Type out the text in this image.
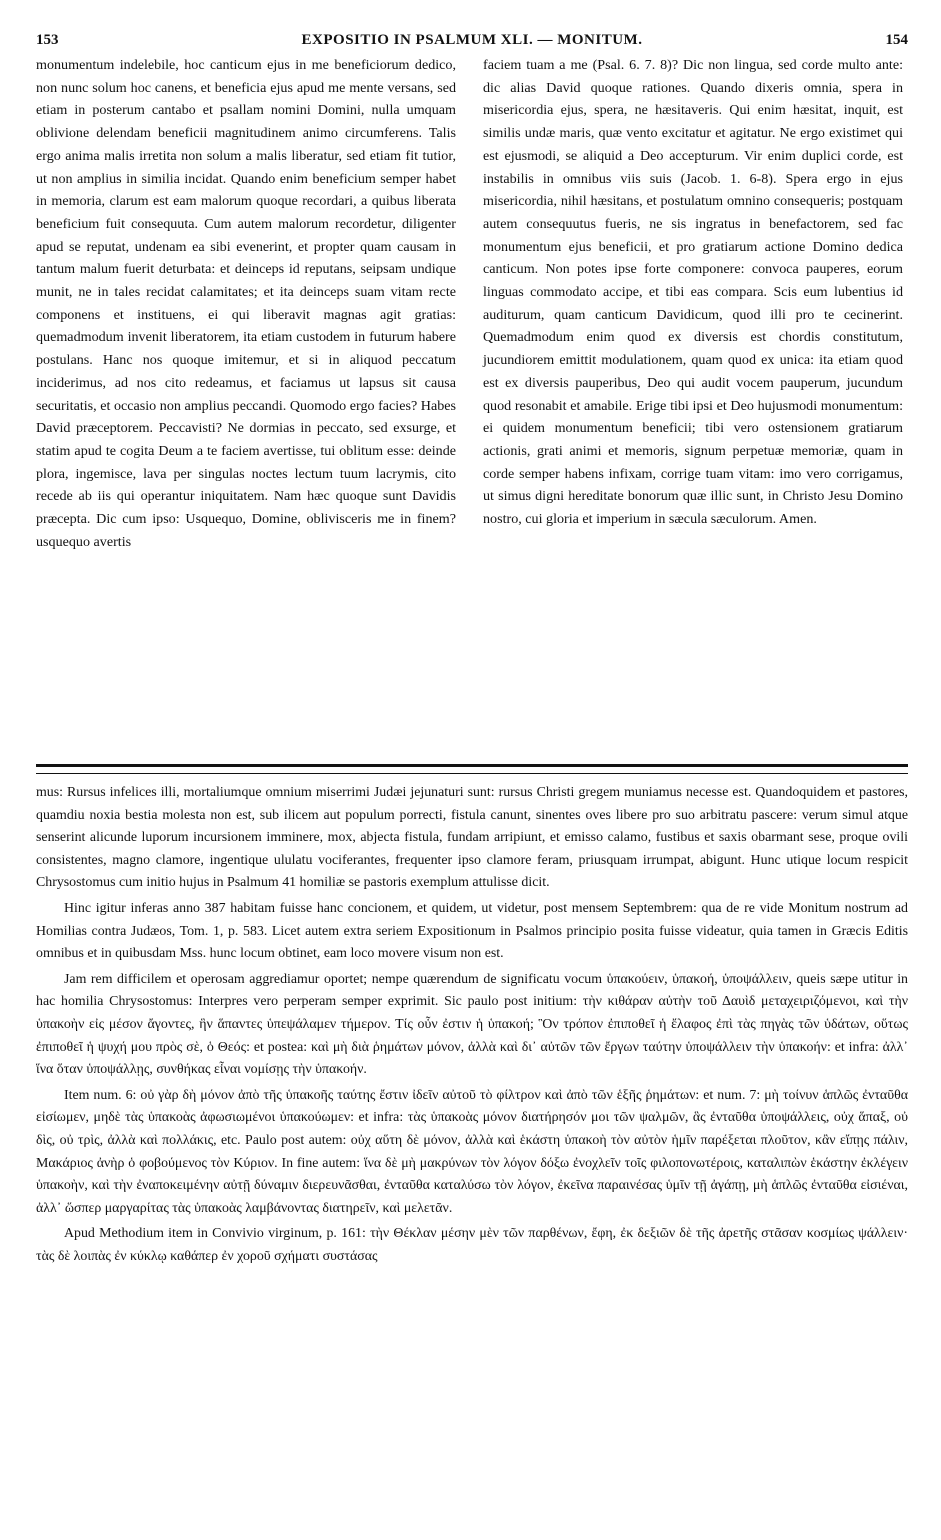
153	EXPOSITIO IN PSALMUM XLI. — MONITUM.	154
monumentum indelebile, hoc canticum ejus in me beneficiorum dedico, non nunc solum hoc canens, et beneficia ejus apud me mente versans, sed etiam in posterum cantabo et psallam nomini Domini, nulla umquam oblivione delendam beneficii magnitudinem animo circumferens. Talis ergo anima malis irretita non solum a malis liberatur, sed etiam fit tutior, ut non amplius in similia incidat. Quando enim beneficium semper habet in memoria, clarum est eam malorum quoque recordari, a quibus liberata beneficium fuit consequuta. Cum autem malorum recordetur, diligenter apud se reputat, undenam ea sibi evenerint, et propter quam causam in tantum malum fuerit deturbata: et deinceps id reputans, seipsam undique munit, ne in tales recidat calamitates; et ita deinceps suam vitam recte componens et instituens, ei qui liberavit magnas agit gratias: quemadmodum invenit liberatorem, ita etiam custodem in futurum habere postulans. Hanc nos quoque imitemur, et si in aliquod peccatum inciderimus, ad nos cito redeamus, et faciamus ut lapsus sit causa securitatis, et occasio non amplius peccandi. Quomodo ergo facies? Habes David præceptorem. Peccavisti? Ne dormias in peccato, sed exsurge, et statim apud te cogita Deum a te faciem avertisse, tui oblitum esse: deinde plora, ingemisce, lava per singulas noctes lectum tuum lacrymis, cito recede ab iis qui operantur iniquitatem. Nam hæc quoque sunt Davidis præcepta. Dic cum ipso: Usquequo, Domine, oblivisceris me in finem? usquequo avertis
faciem tuam a me (Psal. 6. 7. 8)? Dic non lingua, sed corde multo ante: dic alias David quoque rationes. Quando dixeris omnia, spera in misericordia ejus, spera, ne hæsitaveris. Qui enim hæsitat, inquit, est similis undæ maris, quæ vento excitatur et agitatur. Ne ergo existimet qui est ejusmodi, se aliquid a Deo accepturum. Vir enim duplici corde, est instabilis in omnibus viis suis (Jacob. 1. 6-8). Spera ergo in ejus misericordia, nihil hæsitans, et postulatum omnino consequeris; postquam autem consequutus fueris, ne sis ingratus in benefactorem, sed fac monumentum ejus beneficii, et pro gratiarum actione Domino dedica canticum. Non potes ipse forte componere: convoca pauperes, eorum linguas commodato accipe, et tibi eas compara. Scis eum lubentius id auditurum, quam canticum Davidicum, quod illi pro te cecinerint. Quemadmodum enim quod ex diversis est chordis constitutum, jucundiorem emittit modulationem, quam quod ex unica: ita etiam quod est ex diversis pauperibus, Deo qui audit vocem pauperum, jucundum quod resonabit et amabile. Erige tibi ipsi et Deo hujusmodi monumentum: ei quidem monumentum beneficii; tibi vero ostensionem gratiarum actionis, grati animi et memoris, signum perpetuæ memoriæ, quam in corde semper habens infixam, corrige tuam vitam: imo vero corrigamus, ut simus digni hereditate bonorum quæ illic sunt, in Christo Jesu Domino nostro, cui gloria et imperium in sæcula sæculorum. Amen.

mus: Rursus infelices illi, mortaliumque omnium miserrimi Judæi jejunaturi sunt: rursus Christi gregem muniamus necesse est. Quandoquidem et pastores, quamdiu noxia bestia molesta non est, sub ilicem aut populum porrecti, fistula canunt, sinentes oves libere pro suo arbitratu pascere: verum simul atque senserint alicunde luporum incursionem imminere, mox, abjecta fistula, fundam arripiunt, et emisso calamo, fustibus et saxis obarmant sese, proque ovili consistentes, magno clamore, ingentique ululatu vociferantes, frequenter ipso clamore feram, priusquam irrumpat, abigunt. Hunc utique locum respicit Chrysostomus cum initio hujus in Psalmum 41 homiliæ se pastoris exemplum attulisse dicit.

Hinc igitur inferas anno 387 habitam fuisse hanc concionem, et quidem, ut videtur, post mensem Septembrem: qua de re vide Monitum nostrum ad Homilias contra Judæos, Tom. 1, p. 583. Licet autem extra seriem Expositionum in Psalmos principio posita fuisse videatur, quia tamen in Græcis Editis omnibus et in quibusdam Mss. hunc locum obtinet, eam loco movere visum non est.

Jam rem difficilem et operosam aggrediamur oportet; nempe quærendum de significatu vocum ὑπακούειν, ὑπακοή, ὑποψάλλειν, queis sæpe utitur in hac homilia Chrysostomus: Interpres vero perperam semper exprimit. Sic paulo post initium: τὴν κιθάραν αὐτὴν τοῦ Δαυὶδ μεταχειριζόμενοι, καὶ τὴν ὑπακοὴν εἰς μέσον ἄγοντες, ἣν ἅπαντες ὑπεψάλαμεν τήμερον. Τίς οὖν ἐστιν ἡ ὑπακοή; Ὃν τρόπον ἐπιποθεῖ ἡ ἔλαφος ἐπὶ τὰς πηγὰς τῶν ὑδάτων, οὕτως ἐπιποθεῖ ἡ ψυχή μου πρὸς σὲ, ὁ Θεός: et postea: καὶ μὴ διὰ ῥημάτων μόνον, ἀλλὰ καὶ δι᾽ αὐτῶν τῶν ἔργων ταύτην ὑποψάλλειν τὴν ὑπακοήν: et infra: ἀλλ᾽ ἵνα ὅταν ὑποψάλλῃς, συνθήκας εἶναι νομίσῃς τὴν ὑπακοήν.

Item num. 6: οὐ γὰρ δὴ μόνον ἀπὸ τῆς ὑπακοῆς ταύτης ἔστιν ἰδεῖν αὐτοῦ τὸ φίλτρον καὶ ἀπὸ τῶν ἑξῆς ῥημάτων: et num. 7: μὴ τοίνυν ἁπλῶς ἐνταῦθα εἰσίωμεν, μηδὲ τὰς ὑπακοὰς ἀφωσιωμένοι ὑπακούωμεν: et infra: τὰς ὑπακοὰς μόνον διατήρησόν μοι τῶν ψαλμῶν, ἃς ἐνταῦθα ὑποψάλλεις, οὐχ ἅπαξ, οὐ δὶς, οὐ τρὶς, ἀλλὰ καὶ πολλάκις, etc. Paulo post autem: οὐχ αὕτη δὲ μόνον, ἀλλὰ καὶ ἑκάστη ὑπακοὴ τὸν αὐτὸν ἡμῖν παρέξεται πλοῦτον, κἂν εἴπῃς πάλιν, Μακάριος ἀνὴρ ὁ φοβούμενος τὸν Κύριον. In fine autem: ἵνα δὲ μὴ μακρύνων τὸν λόγον δόξω ἐνοχλεῖν τοῖς φιλοπονωτέροις, καταλιπὼν ἑκάστην ἐκλέγειν ὑπακοὴν, καὶ τὴν ἐναποκειμένην αὐτῇ δύναμιν διερευνᾶσθαι, ἐνταῦθα καταλύσω τὸν λόγον, ἐκεῖνα παραινέσας ὑμῖν τῇ ἀγάπῃ, μὴ ἁπλῶς ἐνταῦθα εἰσιέναι, ἀλλ᾽ ὥσπερ μαργαρίτας τὰς ὑπακοὰς λαμβάνοντας διατηρεῖν, καὶ μελετᾶν.

Apud Methodium item in Convivio virginum, p. 161: τὴν Θέκλαν μέσην μὲν τῶν παρθένων, ἔφη, ἐκ δεξιῶν δὲ τῆς ἀρετῆς στᾶσαν κοσμίως ψάλλειν· τὰς δὲ λοιπὰς ἐν κύκλῳ καθάπερ ἐν χοροῦ σχήματι συστάσας
